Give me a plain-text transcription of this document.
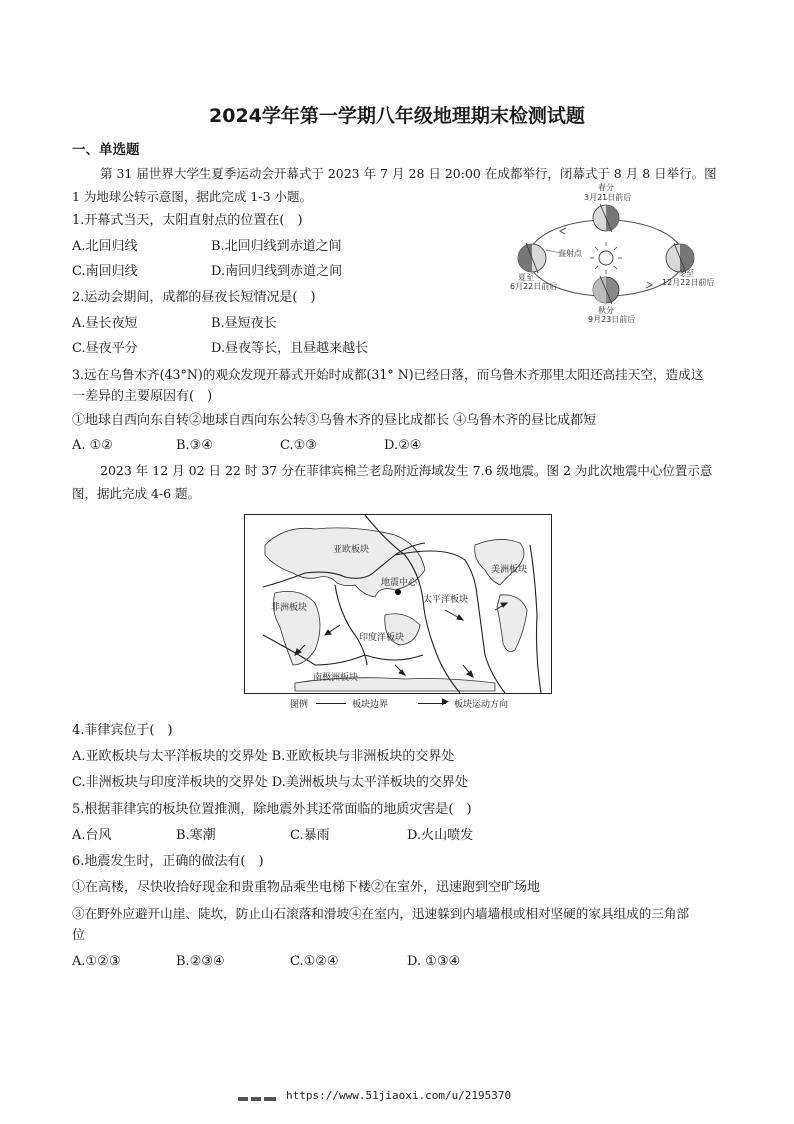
2024学年第一学期八年级地理期末检测试题
一、单选题
第 31 届世界大学生夏季运动会开幕式于 2023 年 7 月 28 日 20:00 在成都举行，闭幕式于 8 月 8 日举行。图
1 为地球公转示意图，据此完成 1-3 小题。
春分
3月21日前后
直射点
夏至
6月22日前后
冬至
12月22日前后
秋分
9月23日前后
1.开幕式当天，太阳直射点的位置在(　)
A.北回归线	B.北回归线到赤道之间
C.南回归线	D.南回归线到赤道之间
2.运动会期间，成都的昼夜长短情况是(　)
A.昼长夜短	B.昼短夜长
C.昼夜平分	D.昼夜等长，且昼越来越长
3.远在乌鲁木齐(43°N)的观众发现开幕式开始时成都(31° N)已经日落，而乌鲁木齐那里太阳还高挂天空，造成这
一差异的主要原因有(　)
①地球自西向东自转②地球自西向东公转③乌鲁木齐的昼比成都长 ④乌鲁木齐的昼比成都短
A. ①②	B.③④	C.①③	D.②④
2023 年 12 月 02 日 22 时 37 分在菲律宾棉兰老岛附近海域发生 7.6 级地震。图 2 为此次地震中心位置示意
图，据此完成 4-6 题。
亚欧板块
美洲板块
非洲板块
太平洋板块
印度洋板块
南极洲板块
地震中心
图例	板块边界	▶ 板块运动方向
4.菲律宾位于(　)
A.亚欧板块与太平洋板块的交界处 B.亚欧板块与非洲板块的交界处
C.非洲板块与印度洋板块的交界处 D.美洲板块与太平洋板块的交界处
5.根据菲律宾的板块位置推测，除地震外其还常面临的地质灾害是(　)
A.台风	B.寒潮	C.暴雨	D.火山喷发
6.地震发生时，正确的做法有(　)
①在高楼，尽快收拾好现金和贵重物品乘坐电梯下楼②在室外，迅速跑到空旷场地
③在野外应避开山崖、陡坎，防止山石滚落和滑坡④在室内，迅速躲到内墙墙根或相对坚硬的家具组成的三角部
位
A.①②③	B.②③④	C.①②④	D. ①③④
https://www.51jiaoxi.com/u/2195370
